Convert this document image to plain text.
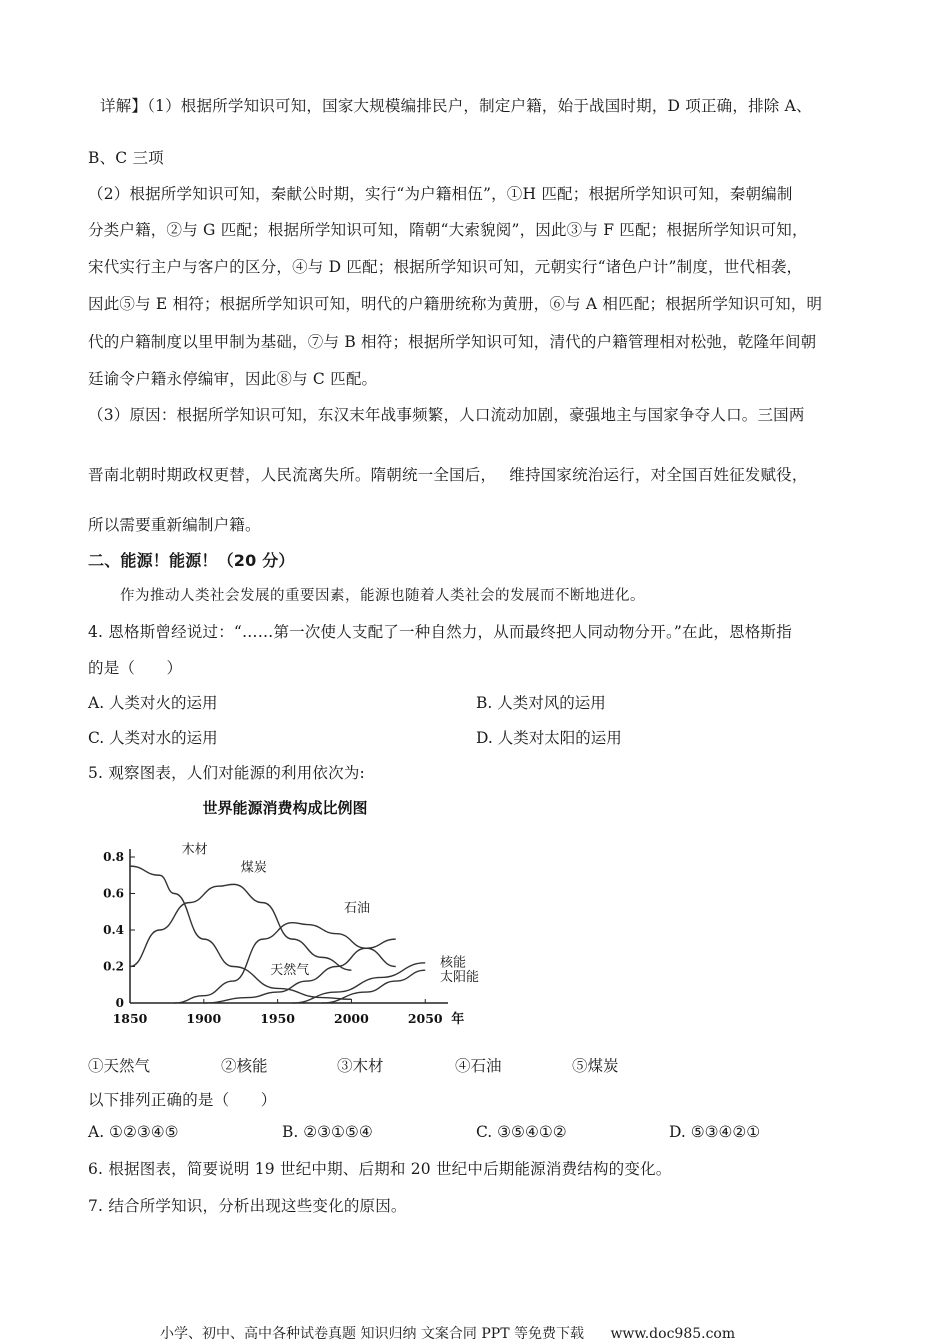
详解】（1）根据所学知识可知，国家大规模编排民户，制定户籍，始于战国时期，D 项正确，排除 A、
B、C 三项
（2）根据所学知识可知，秦献公时期，实行“为户籍相伍”，①H 匹配；根据所学知识可知，秦朝编制
分类户籍，②与 G 匹配；根据所学知识可知，隋朝“大索貌阅”，因此③与 F 匹配；根据所学知识可知，
宋代实行主户与客户的区分，④与 D 匹配；根据所学知识可知，元朝实行“诸色户计”制度，世代相袭，
因此⑤与 E 相符；根据所学知识可知，明代的户籍册统称为黄册，⑥与 A 相匹配；根据所学知识可知，明
代的户籍制度以里甲制为基础，⑦与 B 相符；根据所学知识可知，清代的户籍管理相对松弛，乾隆年间朝
廷谕令户籍永停编审，因此⑧与 C 匹配。
（3）原因：根据所学知识可知，东汉末年战事频繁，人口流动加剧，豪强地主与国家争夺人口。三国两
晋南北朝时期政权更替，人民流离失所。隋朝统一全国后，　 维持国家统治运行，对全国百姓征发赋役，
所以需要重新编制户籍。
二、能源！能源！（20 分）
作为推动人类社会发展的重要因素，能源也随着人类社会的发展而不断地进化。
4. 恩格斯曾经说过：“……第一次使人支配了一种自然力，从而最终把人同动物分开。”在此，恩格斯指
的是（　　）
A. 人类对火的运用	B. 人类对风的运用
C. 人类对水的运用	D. 人类对太阳的运用
5. 观察图表，人们对能源的利用依次为:
世界能源消费构成比例图
0
0.2
0.4
0.6
0.8
1850	1900	1950	2000	2050 年
木材
煤炭
石油
天然气	核能
太阳能
①天然气	②核能	③木材	④石油	⑤煤炭
以下排列正确的是（　　）
A. ①②③④⑤	B. ②③①⑤④	C. ③⑤④①②	D. ⑤③④②①
6. 根据图表，简要说明 19 世纪中期、后期和 20 世纪中后期能源消费结构的变化。
7. 结合所学知识，分析出现这些变化的原因。
小学、初中、高中各种试卷真题 知识归纳 文案合同 PPT 等免费下载 www.doc985.com
